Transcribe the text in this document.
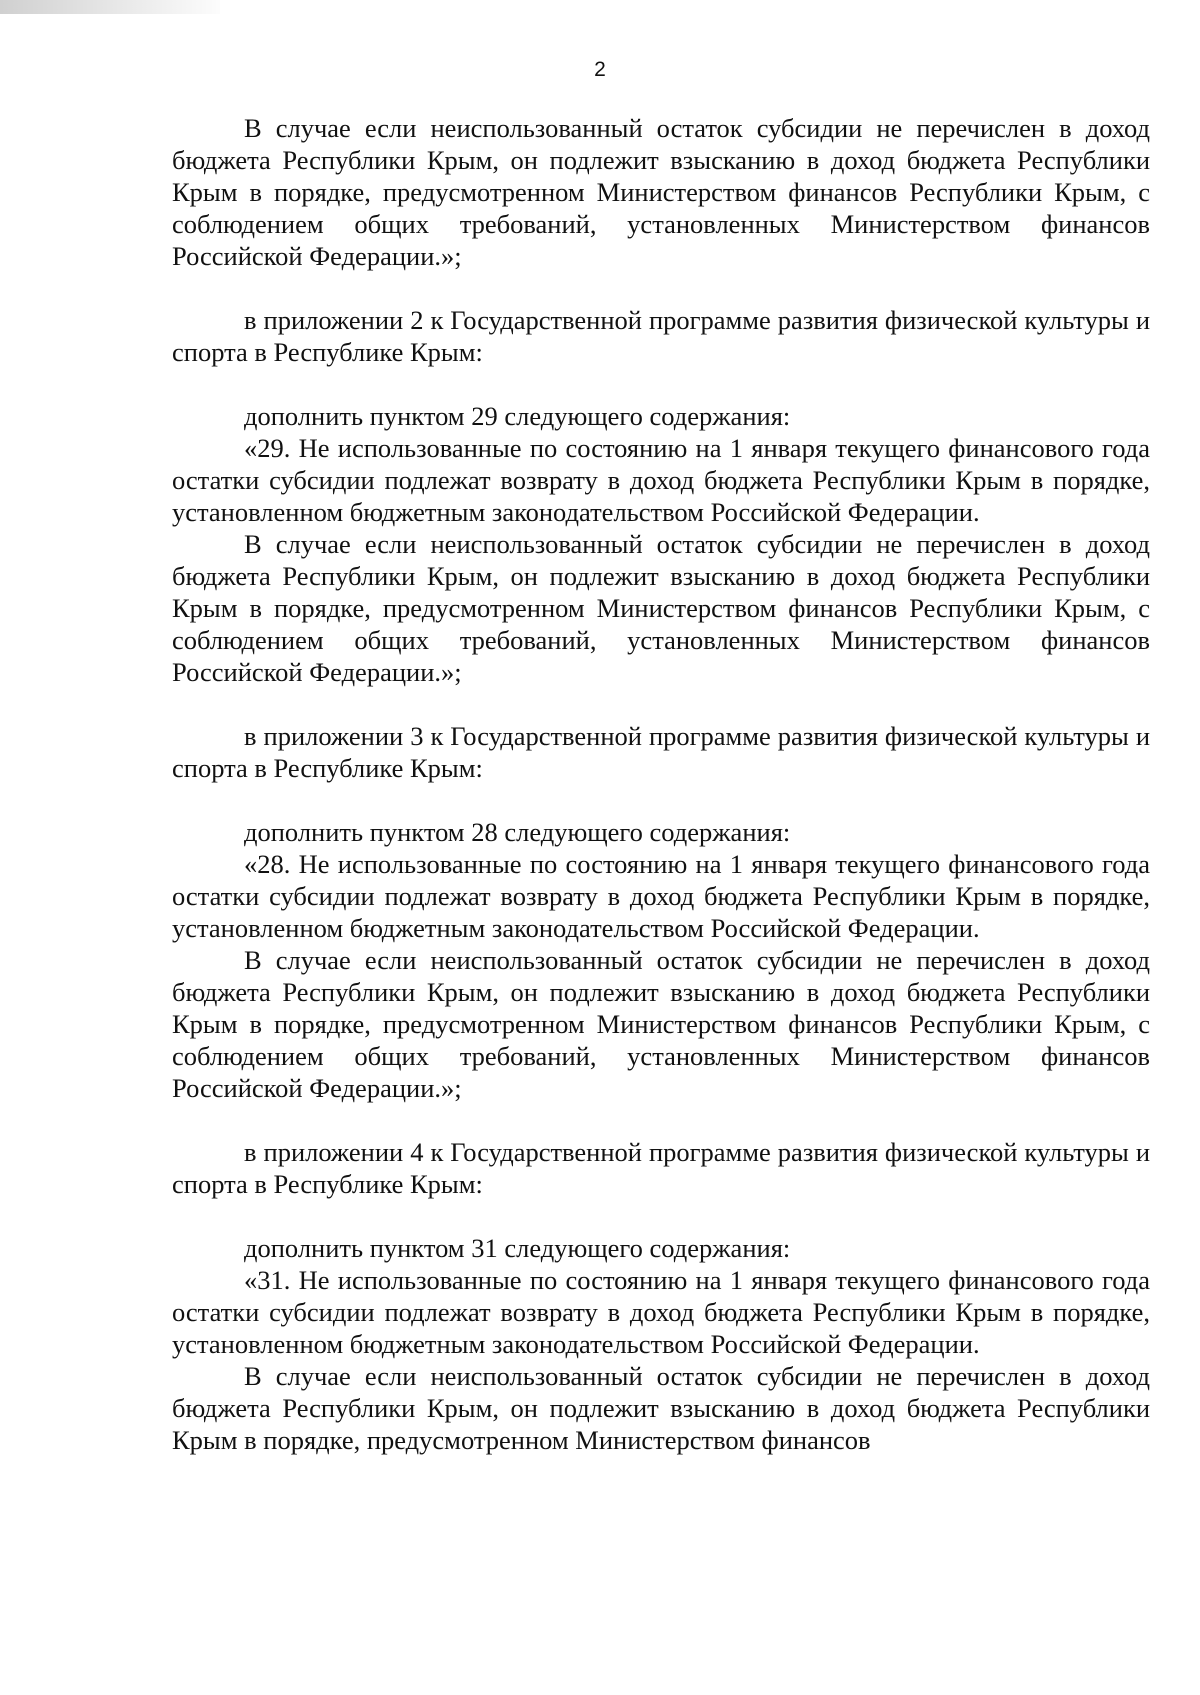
2

В случае если неиспользованный остаток субсидии не перечислен в доход бюджета Республики Крым, он подлежит взысканию в доход бюджета Республики Крым в порядке, предусмотренном Министерством финансов Республики Крым, с соблюдением общих требований, установленных Министерством финансов Российской Федерации.»;

в приложении 2 к Государственной программе развития физической культуры и спорта в Республике Крым:

дополнить пунктом 29 следующего содержания:

«29. Не использованные по состоянию на 1 января текущего финансового года остатки субсидии подлежат возврату в доход бюджета Республики Крым в порядке, установленном бюджетным законодательством Российской Федерации.

В случае если неиспользованный остаток субсидии не перечислен в доход бюджета Республики Крым, он подлежит взысканию в доход бюджета Республики Крым в порядке, предусмотренном Министерством финансов Республики Крым, с соблюдением общих требований, установленных Министерством финансов Российской Федерации.»;

в приложении 3 к Государственной программе развития физической культуры и спорта в Республике Крым:

дополнить пунктом 28 следующего содержания:

«28. Не использованные по состоянию на 1 января текущего финансового года остатки субсидии подлежат возврату в доход бюджета Республики Крым в порядке, установленном бюджетным законодательством Российской Федерации.

В случае если неиспользованный остаток субсидии не перечислен в доход бюджета Республики Крым, он подлежит взысканию в доход бюджета Республики Крым в порядке, предусмотренном Министерством финансов Республики Крым, с соблюдением общих требований, установленных Министерством финансов Российской Федерации.»;

в приложении 4 к Государственной программе развития физической культуры и спорта в Республике Крым:

дополнить пунктом 31 следующего содержания:

«31. Не использованные по состоянию на 1 января текущего финансового года остатки субсидии подлежат возврату в доход бюджета Республики Крым в порядке, установленном бюджетным законодательством Российской Федерации.

В случае если неиспользованный остаток субсидии не перечислен в доход бюджета Республики Крым, он подлежит взысканию в доход бюджета Республики Крым в порядке, предусмотренном Министерством финансов
